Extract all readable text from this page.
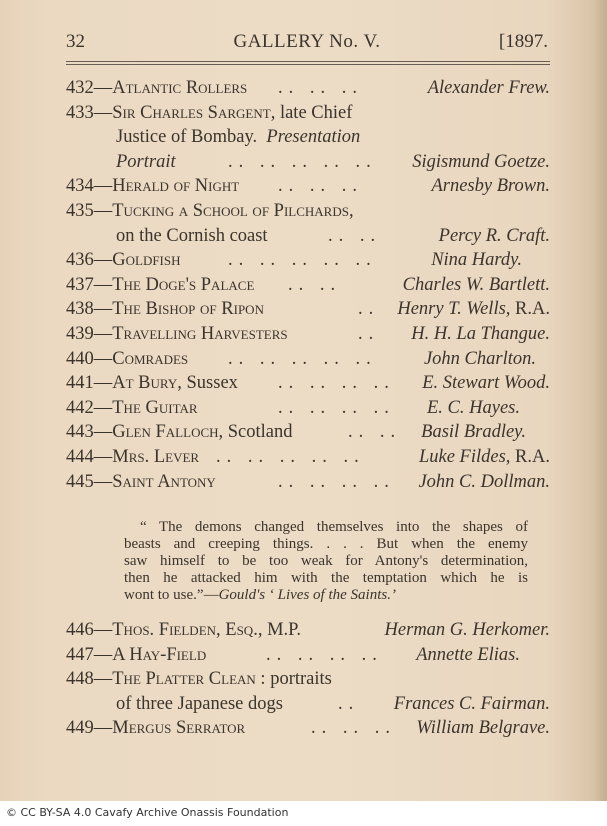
32	GALLERY No. V.	[1897.
432—Atlantic Rollers .. .. ..	Alexander Frew.
433—Sir Charles Sargent, late Chief
Justice of Bombay. Presentation
Portrait	.. .. .. .. .. Sigismund Goetze.
434—Herald of Night .. .. ..	Arnesby Brown.
435—Tucking a School of Pilchards,
on the Cornish coast	.. ..	Percy R. Craft.
436—Goldfish	.. .. .. .. ..	Nina Hardy.
437—The Doge's Palace .. ..	Charles W. Bartlett.
438—The Bishop of Ripon	.. Henry T. Wells, R.A.
439—Travelling Harvesters	.. H. H. La Thangue.
440—Comrades .. .. .. .. ..	John Charlton.
441—At Bury, Sussex .. .. .. .. E. Stewart Wood.
442—The Guitar	.. .. .. .. E. C. Hayes.
443—Glen Falloch, Scotland	.. .. Basil Bradley.
444—Mrs. Lever .. .. .. .. ..	Luke Fildes, R.A.
445—Saint Antony	.. .. .. .. John C. Dollman.
“ The demons changed themselves into the shapes of
beasts and creeping things. . . . But when the enemy
saw himself to be too weak for Antony's determination,
then he attacked him with the temptation which he is
wont to use.”—Gould's ‘ Lives of the Saints.’
446—Thos. Fielden, Esq., M.P.	Herman G. Herkomer.
447—A Hay-Field	.. .. .. .. Annette Elias.
448—The Platter Clean : portraits
of three Japanese dogs	.. Frances C. Fairman.
449—Mergus Serrator	.. .. .. William Belgrave.
© CC BY-SA 4.0 Cavafy Archive Onassis Foundation
